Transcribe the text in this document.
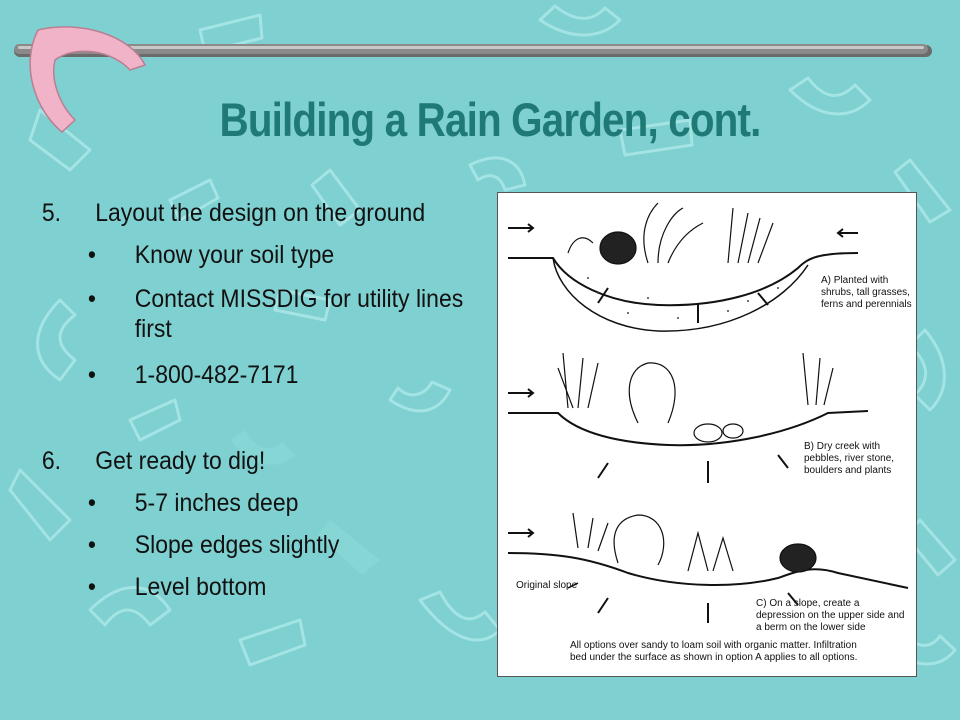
Building a Rain Garden, cont.
5. Layout the design on the ground
• Know your soil type
• Contact MISSDIG for utility lines first
• 1-800-482-7171
6. Get ready to dig!
• 5-7 inches deep
• Slope edges slightly
• Level bottom
A) Planted with shrubs, tall grasses, ferns and perennials
B) Dry creek with pebbles, river stone, boulders and plants
C) On a slope, create a depression on the upper side and a berm on the lower side
Original slope
All options over sandy to loam soil with organic matter. Infiltration bed under the surface as shown in option A applies to all options.
